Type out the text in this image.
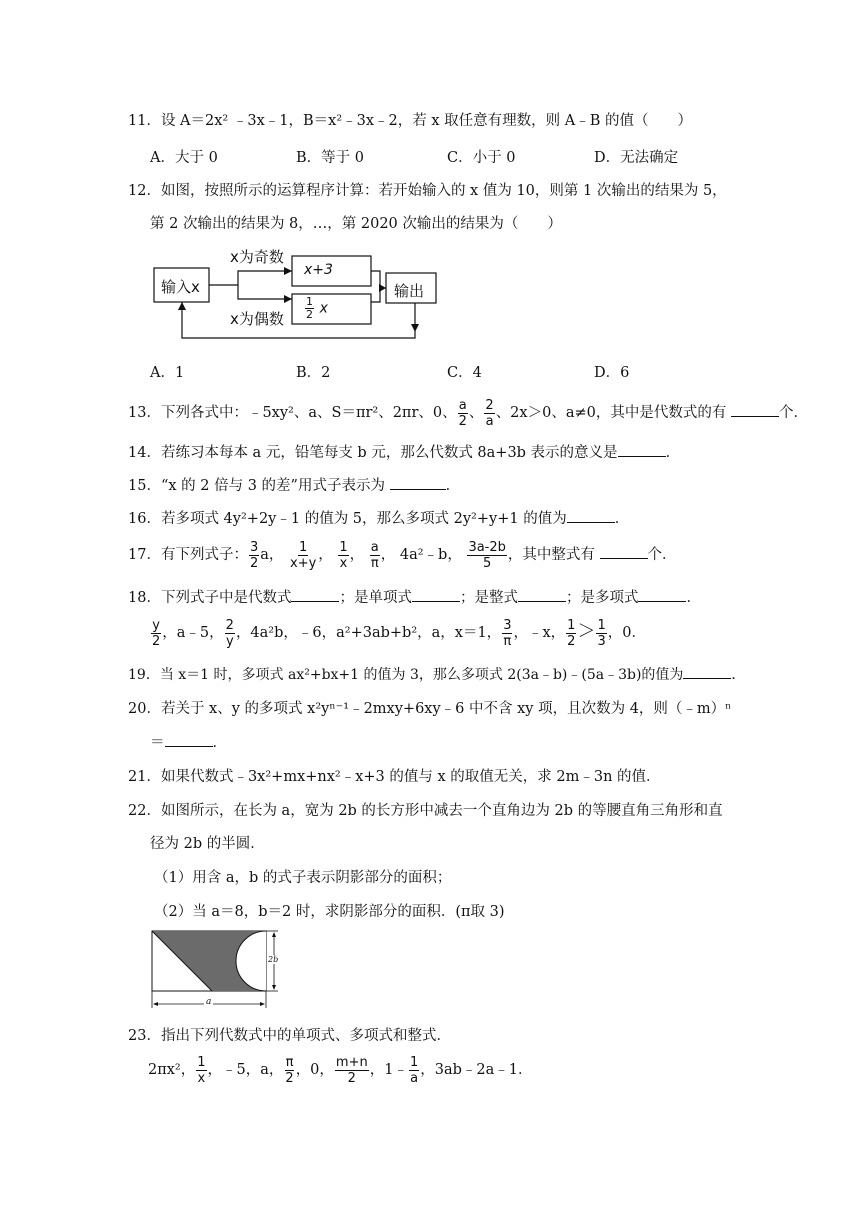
11．设 A＝2x² ﹣3x﹣1，B＝x²﹣3x﹣2，若 x 取任意有理数，则 A﹣B 的值（　　）
A．大于 0	B．等于 0	C．小于 0	D．无法确定
12．如图，按照所示的运算程序计算：若开始输入的 x 值为 10，则第 1 次输出的结果为 5，
第 2 次输出的结果为 8，…，第 2020 次输出的结果为（　　）
输入x
x为奇数
x为偶数
x+3
$\frac{1}{2}$ x
输出
A．1	B．2	C．4	D．6
13．下列各式中：﹣5xy²、a、S＝πr²、2πr、0、 $\frac{a}{2}$ 、 $\frac{2}{a}$ 、2x＞0、a≠0，其中是代数式的有	个．
14．若练习本每本 a 元，铅笔每支 b 元，那么代数式 8a+3b 表示的意义是	．
15．“x 的 2 倍与 3 的差”用式子表示为	．
16．若多项式 4y²+2y﹣1 的值为 5，那么多项式 2y²+y+1 的值为	．
17．有下列式子： $\frac{3}{2}$ a， $\frac{1}{x+y}$ ， $\frac{1}{x}$ ， $\frac{a}{\pi}$ ， 4a²﹣b， $\frac{3a-2b}{5}$ ，其中整式有	个．
18．下列式子中是代数式	；是单项式	；是整式	；是多项式	．
$\frac{y}{2}$ ，a﹣5， $\frac{2}{y}$ ，4a²b，﹣6，a²+3ab+b²，a，x＝1， $\frac{3}{\pi}$ ，﹣x， $\frac{1}{2} > \frac{1}{3}$ ，0．
19．当 x＝1 时，多项式 ax²+bx+1 的值为 3，那么多项式 2(3a﹣b)﹣(5a﹣3b)的值为	．
20．若关于 x、y 的多项式 x²yⁿ⁻¹﹣2mxy+6xy﹣6 中不含 xy 项，且次数为 4，则（﹣m）ⁿ
＝	．
21．如果代数式﹣3x²+mx+nx²﹣x+3 的值与 x 的取值无关，求 2m﹣3n 的值．
22．如图所示，在长为 a，宽为 2b 的长方形中减去一个直角边为 2b 的等腰直角三角形和直
径为 2b 的半圆．
（1）用含 a，b 的式子表示阴影部分的面积；
（2）当 a＝8，b＝2 时，求阴影部分的面积．(π取 3)
2b
a
23．指出下列代数式中的单项式、多项式和整式．
2πx²， $\frac{1}{x}$ ，﹣5，a， $\frac{\pi}{2}$ ，0， $\frac{m+n}{2}$ ，1﹣ $\frac{1}{a}$ ，3ab﹣2a﹣1．
